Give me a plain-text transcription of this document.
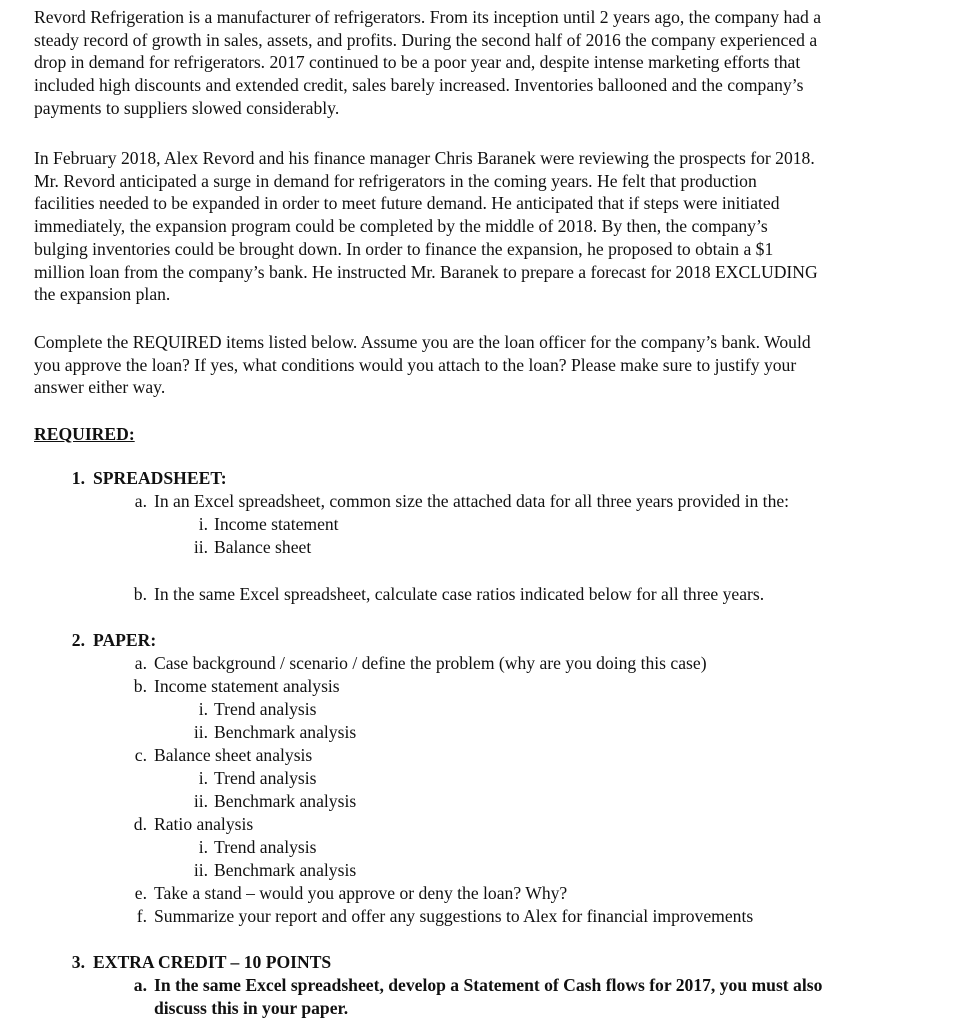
Revord Refrigeration is a manufacturer of refrigerators. From its inception until 2 years ago, the company had a
steady record of growth in sales, assets, and profits. During the second half of 2016 the company experienced a
drop in demand for refrigerators. 2017 continued to be a poor year and, despite intense marketing efforts that
included high discounts and extended credit, sales barely increased. Inventories ballooned and the company’s
payments to suppliers slowed considerably.

In February 2018, Alex Revord and his finance manager Chris Baranek were reviewing the prospects for 2018.
Mr. Revord anticipated a surge in demand for refrigerators in the coming years. He felt that production
facilities needed to be expanded in order to meet future demand. He anticipated that if steps were initiated
immediately, the expansion program could be completed by the middle of 2018. By then, the company’s
bulging inventories could be brought down. In order to finance the expansion, he proposed to obtain a $1
million loan from the company’s bank. He instructed Mr. Baranek to prepare a forecast for 2018 EXCLUDING
the expansion plan.

Complete the REQUIRED items listed below. Assume you are the loan officer for the company’s bank. Would
you approve the loan? If yes, what conditions would you attach to the loan? Please make sure to justify your
answer either way.

REQUIRED:
1. SPREADSHEET:
a. In an Excel spreadsheet, common size the attached data for all three years provided in the:
i. Income statement
ii. Balance sheet
b. In the same Excel spreadsheet, calculate case ratios indicated below for all three years.
2. PAPER:
a. Case background / scenario / define the problem (why are you doing this case)
b. Income statement analysis
i. Trend analysis
ii. Benchmark analysis
c. Balance sheet analysis
i. Trend analysis
ii. Benchmark analysis
d. Ratio analysis
i. Trend analysis
ii. Benchmark analysis
e. Take a stand – would you approve or deny the loan? Why?
f. Summarize your report and offer any suggestions to Alex for financial improvements
3. EXTRA CREDIT – 10 POINTS
a. In the same Excel spreadsheet, develop a Statement of Cash flows for 2017, you must also
discuss this in your paper.
